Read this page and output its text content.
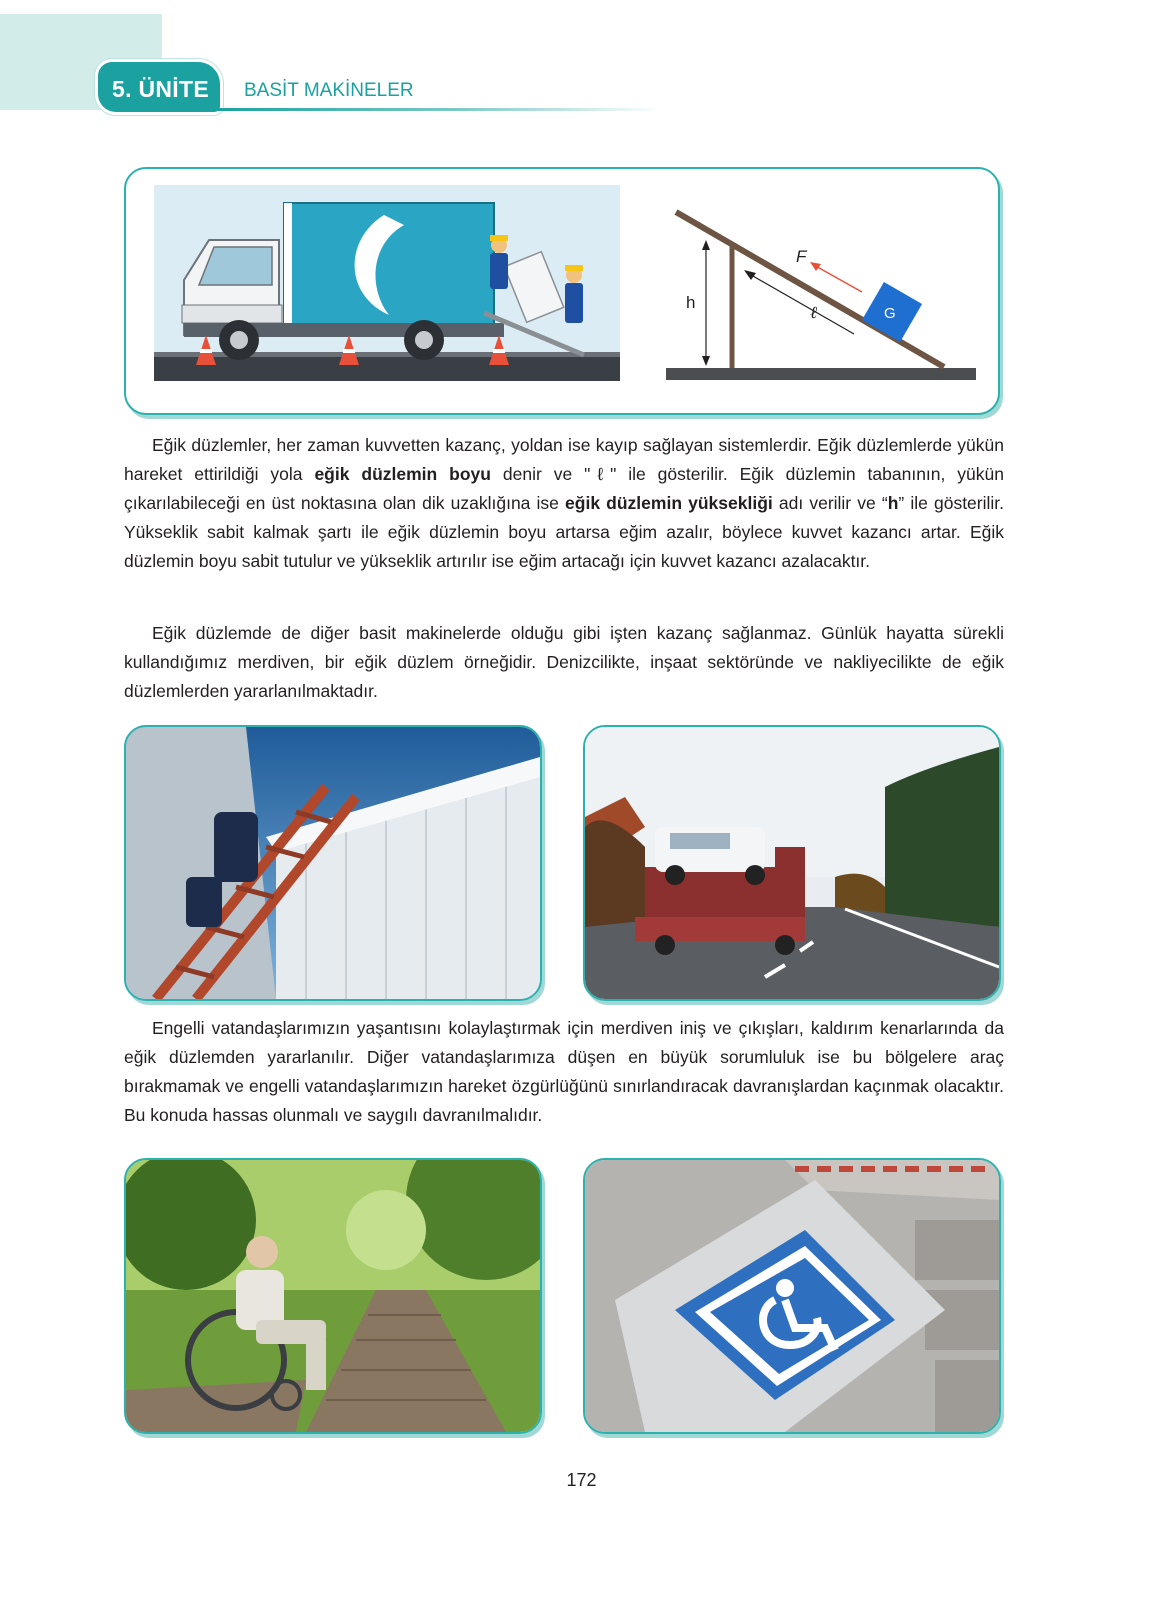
5. ÜNİTE BASİT MAKİNELER
F
h
ℓ	G

Eğik düzlemler, her zaman kuvvetten kazanç, yoldan ise kayıp sağlayan sistemlerdir. Eğik düzlemlerde yükün hareket ettirildiği yola eğik düzlemin boyu denir ve "ℓ" ile gösterilir. Eğik düzlemin tabanının, yükün çıkarılabileceği en üst noktasına olan dik uzaklığına ise eğik düzlemin yüksekliği adı verilir ve “h” ile gösterilir. Yükseklik sabit kalmak şartı ile eğik düzlemin boyu artarsa eğim azalır, böylece kuvvet kazancı artar. Eğik düzlemin boyu sabit tutulur ve yükseklik artırılır ise eğim artacağı için kuvvet kazancı azalacaktır.

Eğik düzlemde de diğer basit makinelerde olduğu gibi işten kazanç sağlanmaz. Günlük hayatta sürekli kullandığımız merdiven, bir eğik düzlem örneğidir. Denizcilikte, inşaat sektöründe ve nakliyecilikte de eğik düzlemlerden yararlanılmaktadır.

Engelli vatandaşlarımızın yaşantısını kolaylaştırmak için merdiven iniş ve çıkışları, kaldırım kenarlarında da eğik düzlemden yararlanılır. Diğer vatandaşlarımıza düşen en büyük sorumluluk ise bu bölgelere araç bırakmamak ve engelli vatandaşlarımızın hareket özgürlüğünü sınırlandıracak davranışlardan kaçınmak olacaktır. Bu konuda hassas olunmalı ve saygılı davranılmalıdır.

172
